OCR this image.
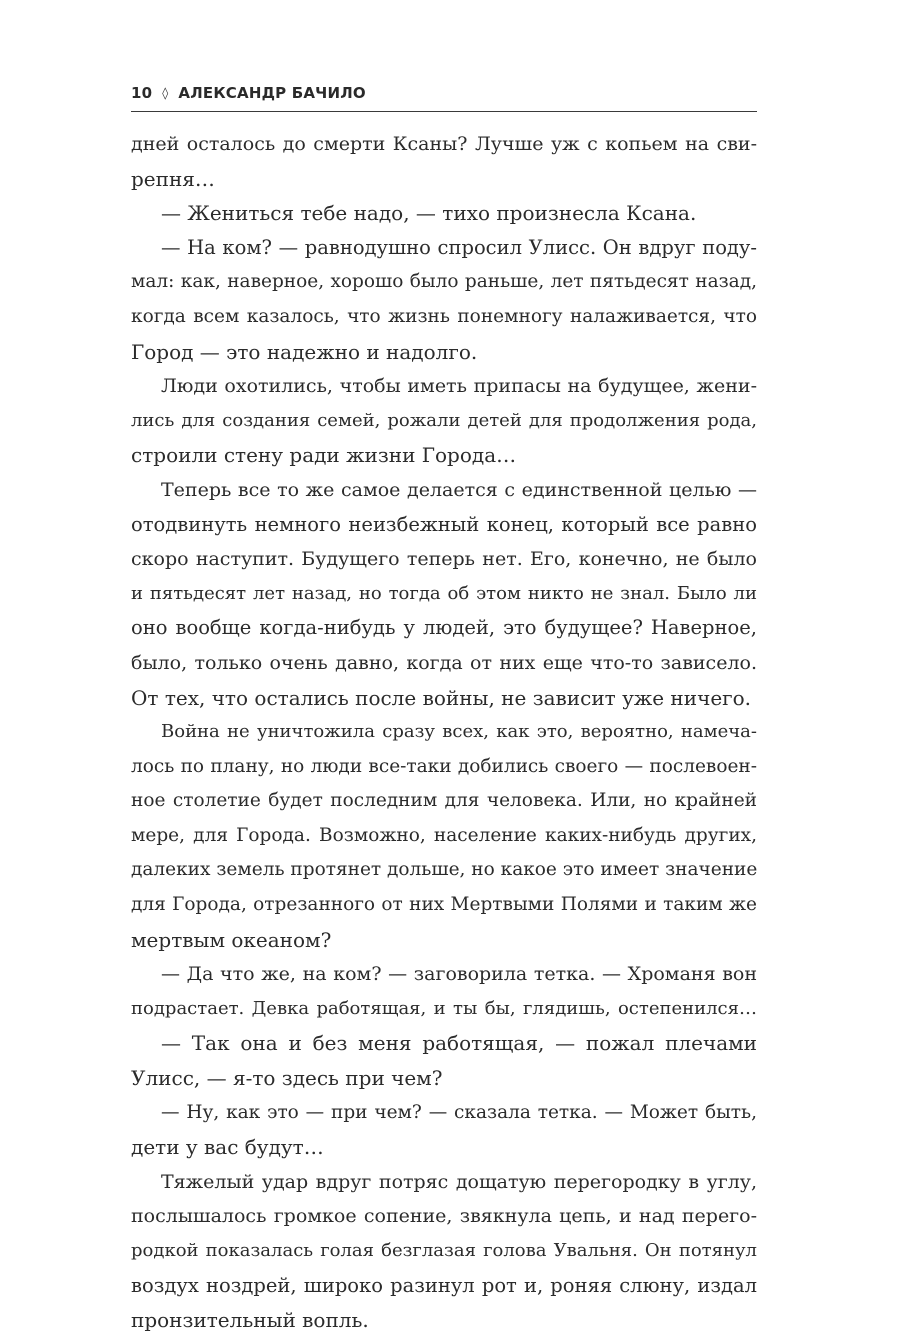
10 ◊ АЛЕКСАНДР БАЧИЛО
дней осталось до смерти Ксаны? Лучше уж с копьем на сви-
репня…
— Жениться тебе надо, — тихо произнесла Ксана.
— На ком? — равнодушно спросил Улисс. Он вдруг поду-
мал: как, наверное, хорошо было раньше, лет пятьдесят назад,
когда всем казалось, что жизнь понемногу налаживается, что
Город — это надежно и надолго.
Люди охотились, чтобы иметь припасы на будущее, жени-
лись для создания семей, рожали детей для продолжения рода,
строили стену ради жизни Города…
Теперь все то же самое делается с единственной целью —
отодвинуть немного неизбежный конец, который все равно
скоро наступит. Будущего теперь нет. Его, конечно, не было
и пятьдесят лет назад, но тогда об этом никто не знал. Было ли
оно вообще когда-нибудь у людей, это будущее? Наверное,
было, только очень давно, когда от них еще что-то зависело.
От тех, что остались после войны, не зависит уже ничего.
Война не уничтожила сразу всех, как это, вероятно, намеча-
лось по плану, но люди все-таки добились своего — послевоен-
ное столетие будет последним для человека. Или, но крайней
мере, для Города. Возможно, население каких-нибудь других,
далеких земель протянет дольше, но какое это имеет значение
для Города, отрезанного от них Мертвыми Полями и таким же
мертвым океаном?
— Да что же, на ком? — заговорила тетка. — Хроманя вон
подрастает. Девка работящая, и ты бы, глядишь, остепенился…
— Так она и без меня работящая, — пожал плечами
Улисс, — я-то здесь при чем?
— Ну, как это — при чем? — сказала тетка. — Может быть,
дети у вас будут…
Тяжелый удар вдруг потряс дощатую перегородку в углу,
послышалось громкое сопение, звякнула цепь, и над перего-
родкой показалась голая безглазая голова Увальня. Он потянул
воздух ноздрей, широко разинул рот и, роняя слюну, издал
пронзительный вопль.
